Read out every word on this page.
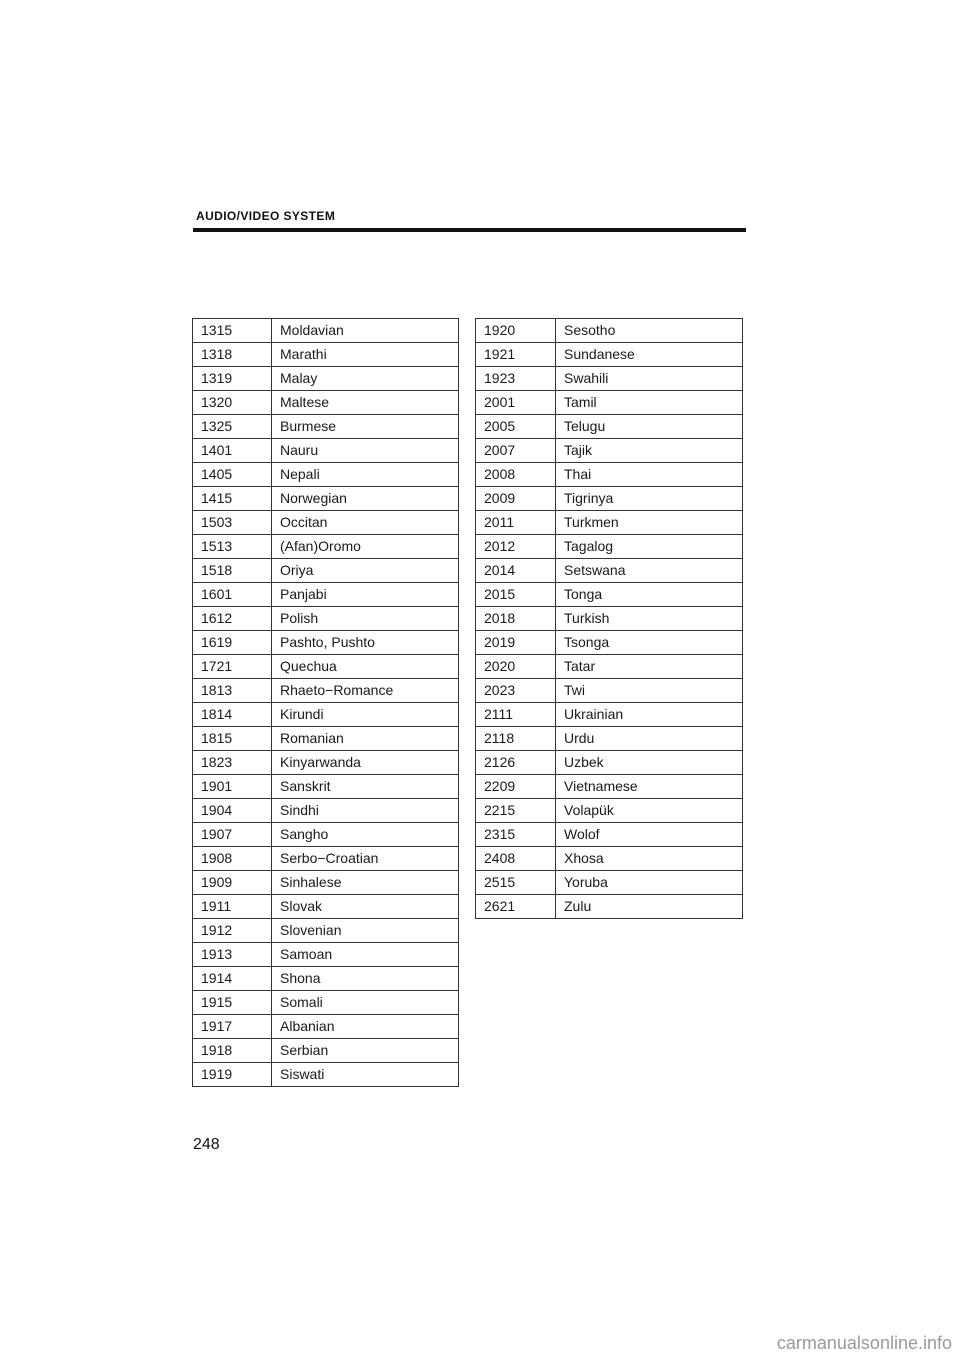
AUDIO/VIDEO SYSTEM
1315	Moldavian
1318	Marathi
1319	Malay
1320	Maltese
1325	Burmese
1401	Nauru
1405	Nepali
1415	Norwegian
1503	Occitan
1513	(Afan)Oromo
1518	Oriya
1601	Panjabi
1612	Polish
1619	Pashto, Pushto
1721	Quechua
1813	Rhaeto−Romance
1814	Kirundi
1815	Romanian
1823	Kinyarwanda
1901	Sanskrit
1904	Sindhi
1907	Sangho
1908	Serbo−Croatian
1909	Sinhalese
1911	Slovak
1912	Slovenian
1913	Samoan
1914	Shona
1915	Somali
1917	Albanian
1918	Serbian
1919	Siswati
1920	Sesotho
1921	Sundanese
1923	Swahili
2001	Tamil
2005	Telugu
2007	Tajik
2008	Thai
2009	Tigrinya
2011	Turkmen
2012	Tagalog
2014	Setswana
2015	Tonga
2018	Turkish
2019	Tsonga
2020	Tatar
2023	Twi
2111	Ukrainian
2118	Urdu
2126	Uzbek
2209	Vietnamese
2215	Volapük
2315	Wolof
2408	Xhosa
2515	Yoruba
2621	Zulu
248
carmanualsonline.info
